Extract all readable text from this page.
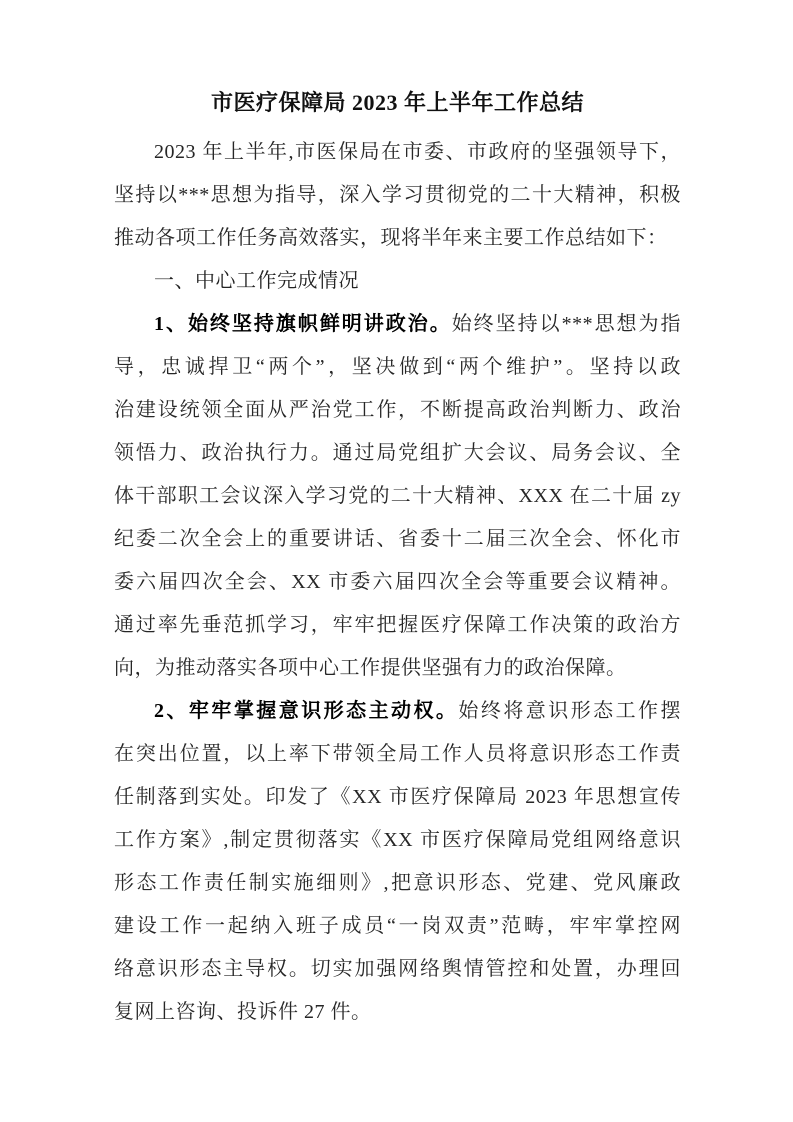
市医疗保障局 2023 年上半年工作总结
2023 年上半年,市医保局在市委、市政府的坚强领导下，
坚持以***思想为指导，深入学习贯彻党的二十大精神，积极
推动各项工作任务高效落实，现将半年来主要工作总结如下：
一、中心工作完成情况
1、始终坚持旗帜鲜明讲政治。始终坚持以***思想为指
导，忠诚捍卫“两个”，坚决做到“两个维护”。坚持以政
治建设统领全面从严治党工作，不断提高政治判断力、政治
领悟力、政治执行力。通过局党组扩大会议、局务会议、全
体干部职工会议深入学习党的二十大精神、XXX 在二十届 zy
纪委二次全会上的重要讲话、省委十二届三次全会、怀化市
委六届四次全会、XX 市委六届四次全会等重要会议精神。
通过率先垂范抓学习，牢牢把握医疗保障工作决策的政治方
向，为推动落实各项中心工作提供坚强有力的政治保障。
2、牢牢掌握意识形态主动权。始终将意识形态工作摆
在突出位置，以上率下带领全局工作人员将意识形态工作责
任制落到实处。印发了《XX 市医疗保障局 2023 年思想宣传
工作方案》,制定贯彻落实《XX 市医疗保障局党组网络意识
形态工作责任制实施细则》,把意识形态、党建、党风廉政
建设工作一起纳入班子成员“一岗双责”范畴，牢牢掌控网
络意识形态主导权。切实加强网络舆情管控和处置，办理回
复网上咨询、投诉件 27 件。
